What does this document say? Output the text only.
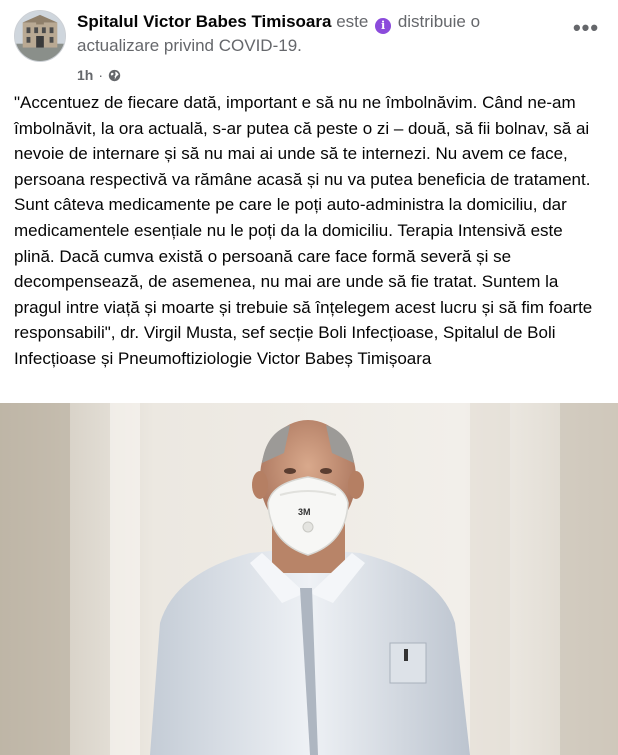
Spitalul Victor Babes Timisoara este i distribuie o actualizare privind COVID-19.
1h ·
•••
"Accentuez de fiecare dată, important e să nu ne îmbolnăvim. Când ne-am îmbolnăvit, la ora actuală, s-ar putea că peste o zi – două, să fii bolnav, să ai nevoie de internare și să nu mai ai unde să te internezi. Nu avem ce face, persoana respectivă va rămâne acasă și nu va putea beneficia de tratament. Sunt câteva medicamente pe care le poți auto-administra la domiciliu, dar medicamentele esențiale nu le poți da la domiciliu. Terapia Intensivă este plină. Dacă cumva există o persoană care face formă severă și se decompensează, de asemenea, nu mai are unde să fie tratat. Suntem la pragul intre viață și moarte și trebuie să înțelegem acest lucru și să fim foarte responsabili", dr. Virgil Musta, sef secție Boli Infecțioase, Spitalul de Boli Infecțioase și Pneumoftiziologie Victor Babeș Timișoara
3M
